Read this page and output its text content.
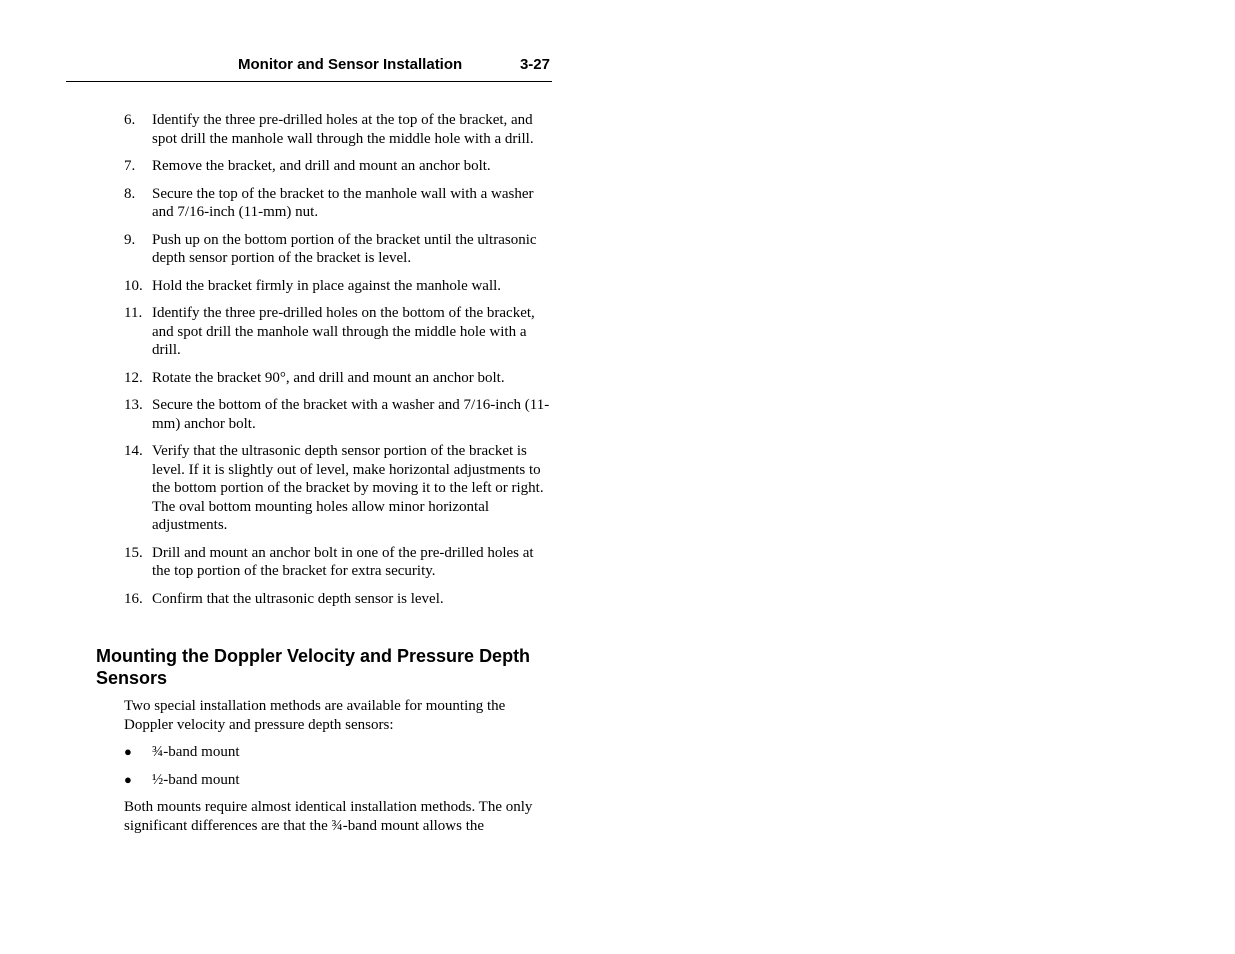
Monitor and Sensor Installation	3-27
6.	Identify the three pre-drilled holes at the top of the bracket, and spot drill the manhole wall through the middle hole with a drill.
7.	Remove the bracket, and drill and mount an anchor bolt.
8.	Secure the top of the bracket to the manhole wall with a washer and 7/16-inch (11-mm) nut.
9.	Push up on the bottom portion of the bracket until the ultrasonic depth sensor portion of the bracket is level.
10. Hold the bracket firmly in place against the manhole wall.
11. Identify the three pre-drilled holes on the bottom of the bracket, and spot drill the manhole wall through the middle hole with a drill.
12. Rotate the bracket 90°, and drill and mount an anchor bolt.
13. Secure the bottom of the bracket with a washer and 7/16-inch (11-mm) anchor bolt.
14. Verify that the ultrasonic depth sensor portion of the bracket is level. If it is slightly out of level, make horizontal adjustments to the bottom portion of the bracket by moving it to the left or right. The oval bottom mounting holes allow minor horizontal adjustments.
15. Drill and mount an anchor bolt in one of the pre-drilled holes at the top portion of the bracket for extra security.
16. Confirm that the ultrasonic depth sensor is level.
Mounting the Doppler Velocity and Pressure Depth Sensors

Two special installation methods are available for mounting the Doppler velocity and pressure depth sensors:

●	¾-band mount
●	½-band mount

Both mounts require almost identical installation methods. The only significant differences are that the ¾-band mount allows the
